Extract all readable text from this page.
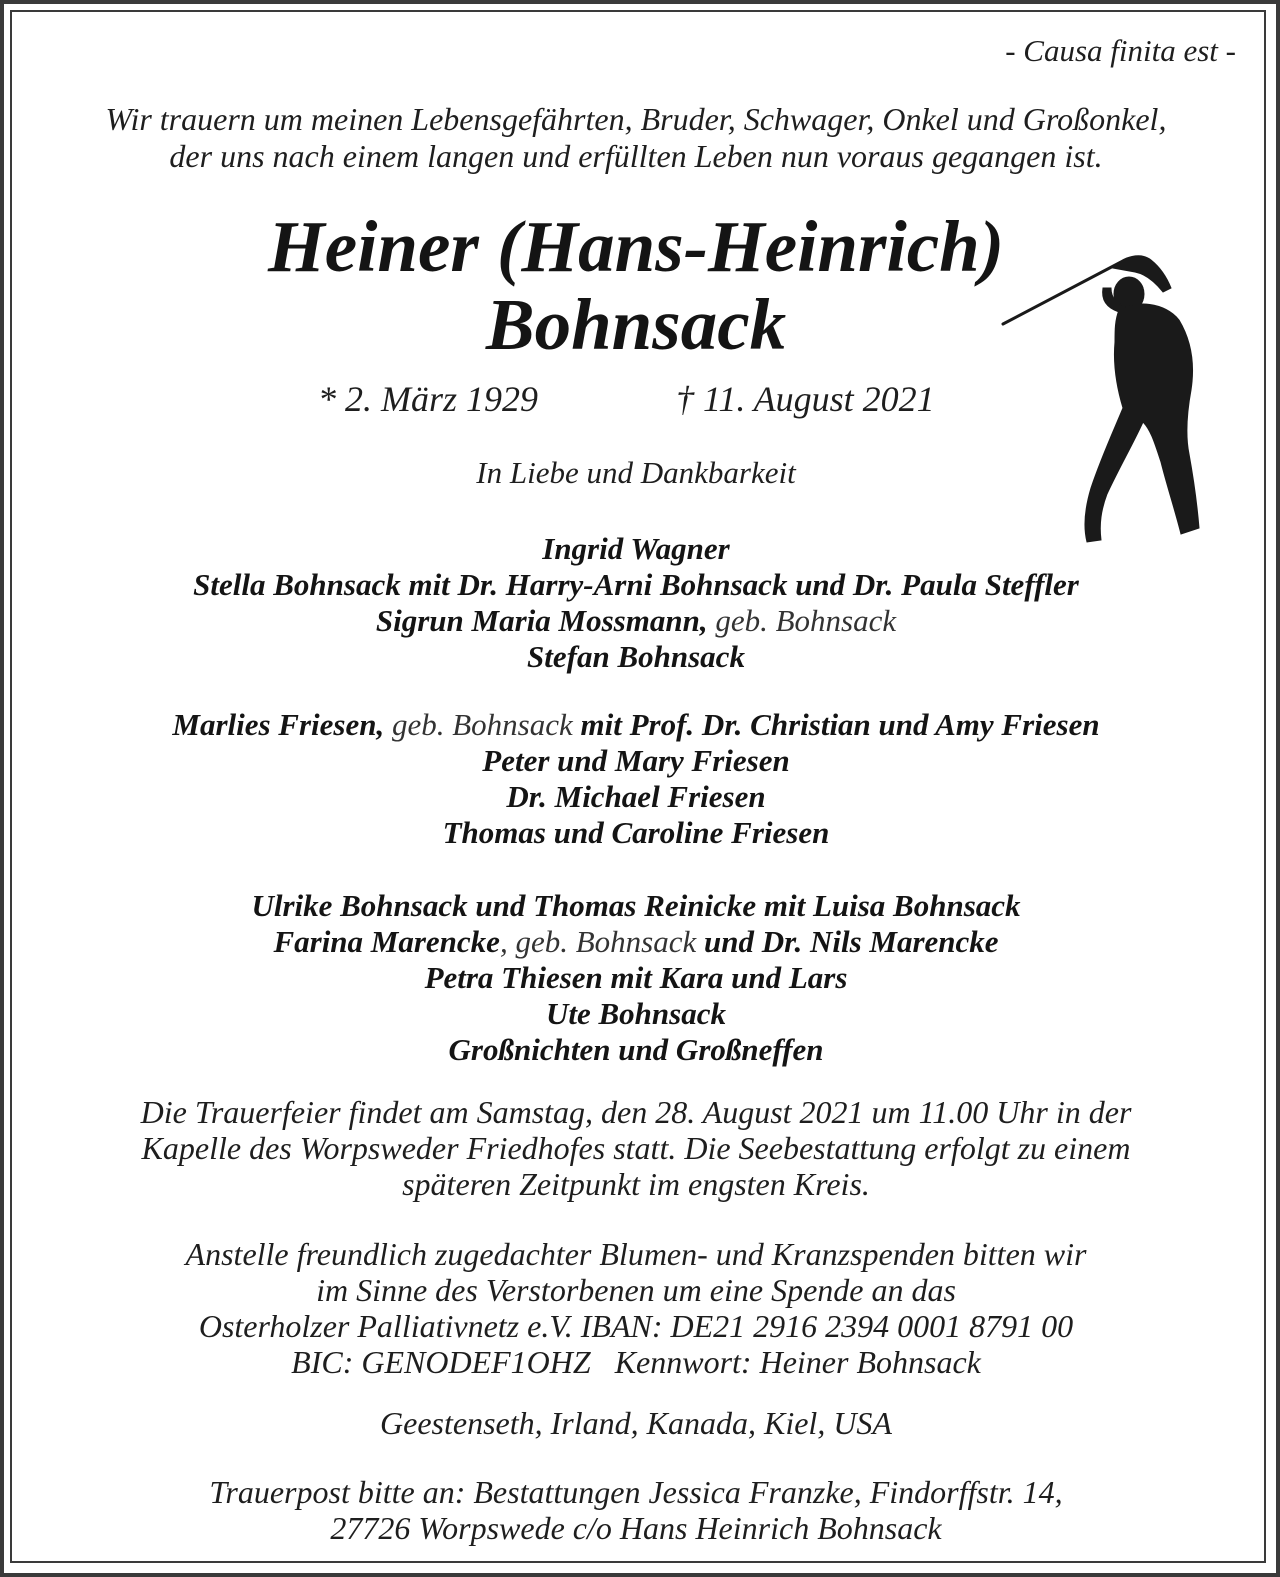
- Causa finita est -
Wir trauern um meinen Lebensgefährten, Bruder, Schwager, Onkel und Großonkel,
der uns nach einem langen und erfüllten Leben nun voraus gegangen ist.
Heiner (Hans-Heinrich)
Bohnsack
* 2. März 1929	† 11. August 2021
In Liebe und Dankbarkeit
Ingrid Wagner
Stella Bohnsack mit Dr. Harry-Arni Bohnsack und Dr. Paula Steffler
Sigrun Maria Mossmann, geb. Bohnsack
Stefan Bohnsack
Marlies Friesen, geb. Bohnsack mit Prof. Dr. Christian und Amy Friesen
Peter und Mary Friesen
Dr. Michael Friesen
Thomas und Caroline Friesen
Ulrike Bohnsack und Thomas Reinicke mit Luisa Bohnsack
Farina Marencke, geb. Bohnsack und Dr. Nils Marencke
Petra Thiesen mit Kara und Lars
Ute Bohnsack
Großnichten und Großneffen
Die Trauerfeier findet am Samstag, den 28. August 2021 um 11.00 Uhr in der
Kapelle des Worpsweder Friedhofes statt. Die Seebestattung erfolgt zu einem
späteren Zeitpunkt im engsten Kreis.
Anstelle freundlich zugedachter Blumen- und Kranzspenden bitten wir
im Sinne des Verstorbenen um eine Spende an das
Osterholzer Palliativnetz e.V. IBAN: DE21 2916 2394 0001 8791 00
BIC: GENODEF1OHZ Kennwort: Heiner Bohnsack
Geestenseth, Irland, Kanada, Kiel, USA
Trauerpost bitte an: Bestattungen Jessica Franzke, Findorffstr. 14,
27726 Worpswede c/o Hans Heinrich Bohnsack
